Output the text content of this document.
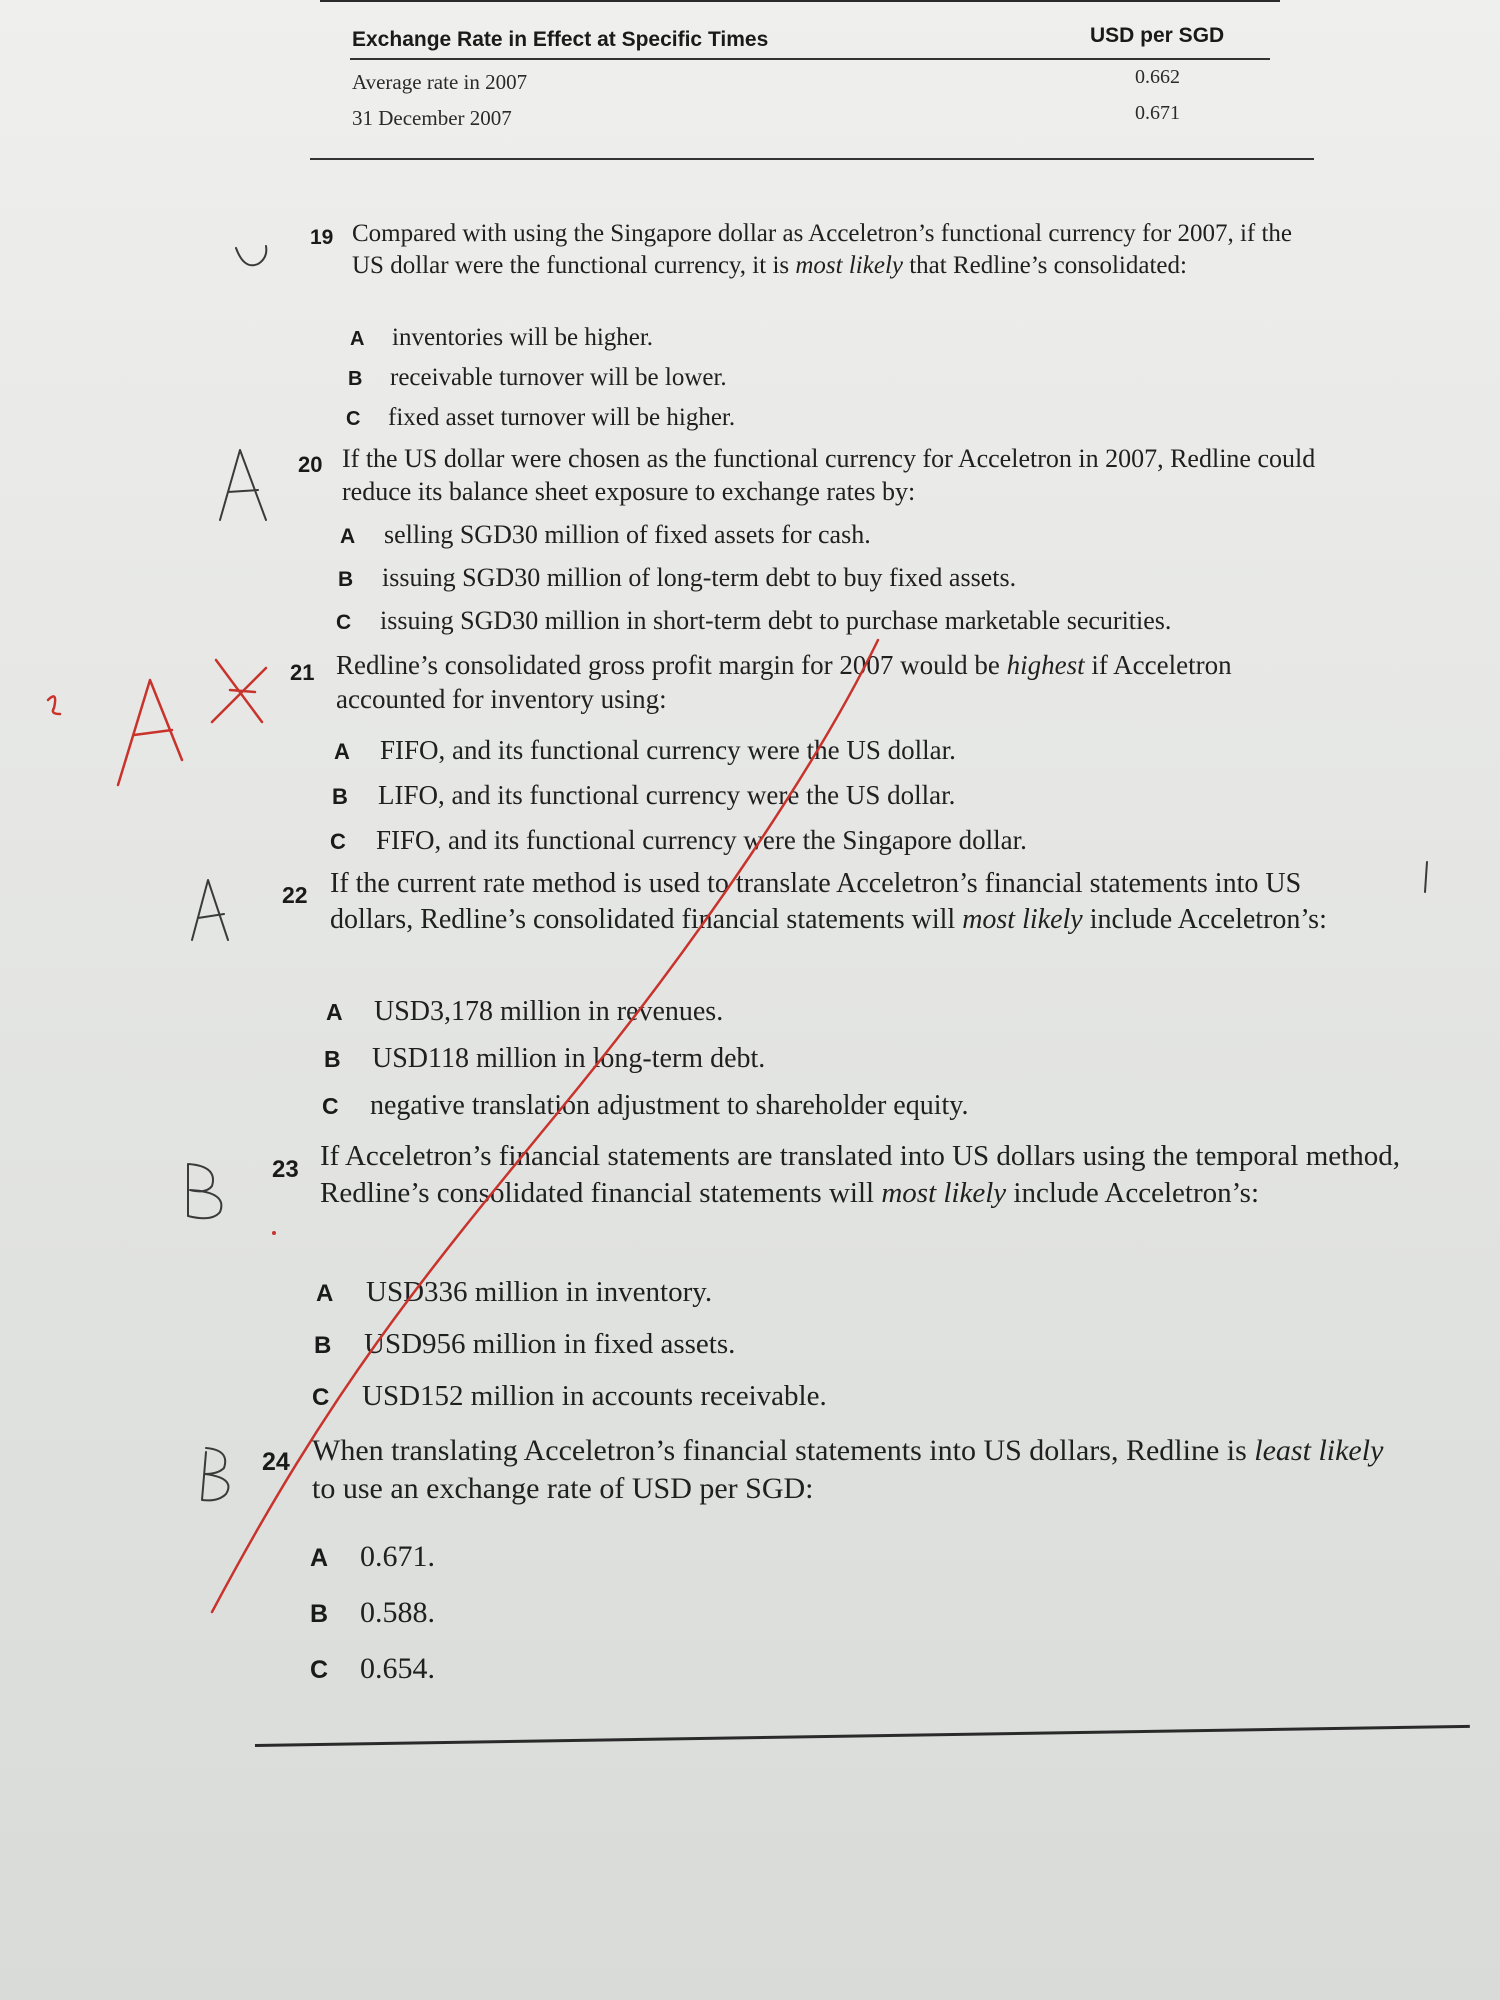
Exchange Rate in Effect at Specific Times	USD per SGD
Average rate in 2007	0.662
31 December 2007	0.671
19 Compared with using the Singapore dollar as Acceletron’s functional currency for 2007, if the US dollar were the functional currency, it is most likely that Redline’s consolidated:
A inventories will be higher.
B receivable turnover will be lower.
C fixed asset turnover will be higher.
20 If the US dollar were chosen as the functional currency for Acceletron in 2007, Redline could reduce its balance sheet exposure to exchange rates by:
A selling SGD30 million of fixed assets for cash.
B issuing SGD30 million of long-term debt to buy fixed assets.
C issuing SGD30 million in short-term debt to purchase marketable securities.
21 Redline’s consolidated gross profit margin for 2007 would be highest if Acceletron accounted for inventory using:
A FIFO, and its functional currency were the US dollar.
B LIFO, and its functional currency were the US dollar.
C FIFO, and its functional currency were the Singapore dollar.
22 If the current rate method is used to translate Acceletron’s financial statements into US dollars, Redline’s consolidated financial statements will most likely include Acceletron’s:
A USD3,178 million in revenues.
B USD118 million in long-term debt.
C negative translation adjustment to shareholder equity.
23 If Acceletron’s financial statements are translated into US dollars using the temporal method, Redline’s consolidated financial statements will most likely include Acceletron’s:
A USD336 million in inventory.
B USD956 million in fixed assets.
C USD152 million in accounts receivable.
24 When translating Acceletron’s financial statements into US dollars, Redline is least likely to use an exchange rate of USD per SGD:
A 0.671.
B 0.588.
C 0.654.
